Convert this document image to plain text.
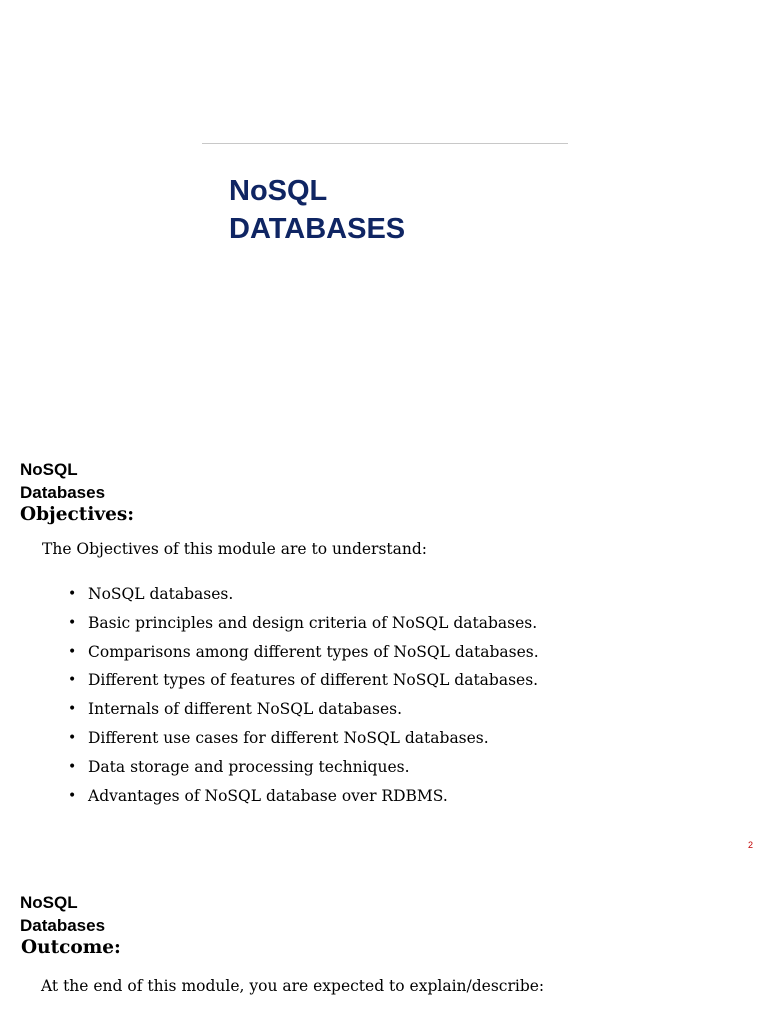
NoSQL
DATABASES
NoSQL
Databases
Objectives:
The Objectives of this module are to understand:
• NoSQL databases.
• Basic principles and design criteria of NoSQL databases.
• Comparisons among different types of NoSQL databases.
• Different types of features of different NoSQL databases.
• Internals of different NoSQL databases.
• Different use cases for different NoSQL databases.
• Data storage and processing techniques.
• Advantages of NoSQL database over RDBMS.
2
NoSQL
Databases
Outcome:
At the end of this module, you are expected to explain/describe:
